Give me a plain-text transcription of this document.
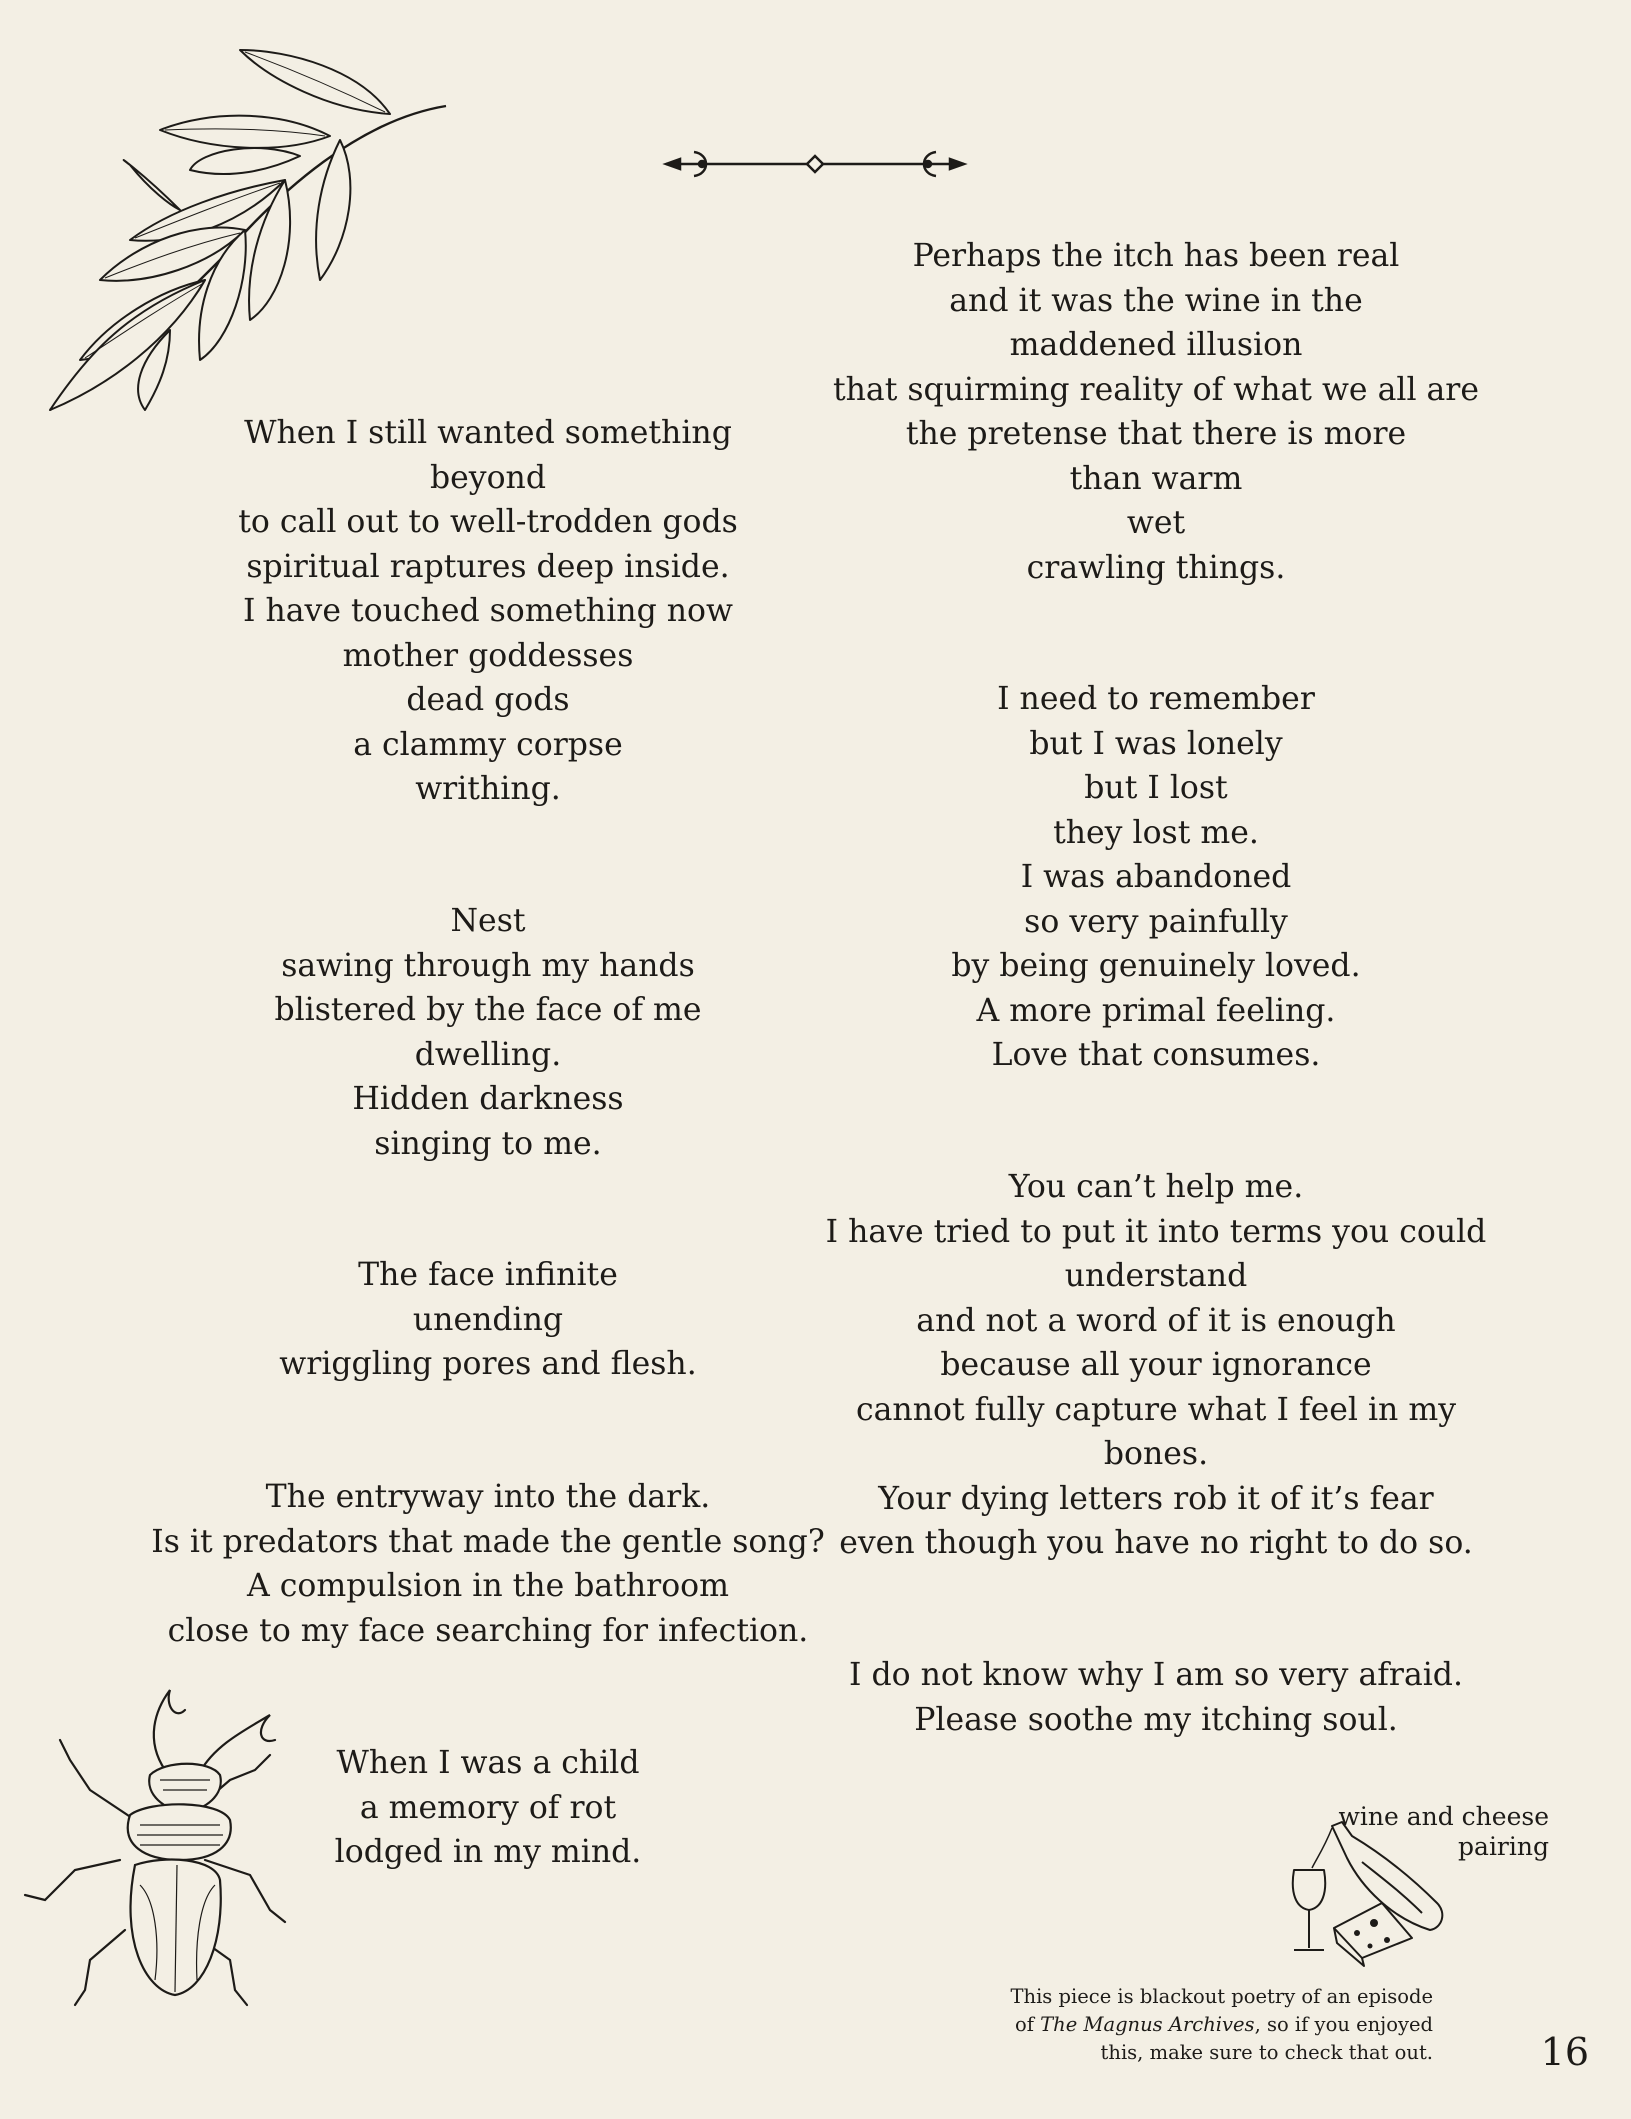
When I still wanted something
beyond
to call out to well-trodden gods
spiritual raptures deep inside.
I have touched something now
mother goddesses
dead gods
a clammy corpse
writhing.
Nest
sawing through my hands
blistered by the face of me
dwelling.
Hidden darkness
singing to me.
The face infinite
unending
wriggling pores and flesh.
The entryway into the dark.
Is it predators that made the gentle song?
A compulsion in the bathroom
close to my face searching for infection.
When I was a child
a memory of rot
lodged in my mind.
Perhaps the itch has been real
and it was the wine in the
maddened illusion
that squirming reality of what we all are
the pretense that there is more
than warm
wet
crawling things.
I need to remember
but I was lonely
but I lost
they lost me.
I was abandoned
so very painfully
by being genuinely loved.
A more primal feeling.
Love that consumes.
You can’t help me.
I have tried to put it into terms you could
understand
and not a word of it is enough
because all your ignorance
cannot fully capture what I feel in my
bones.
Your dying letters rob it of it’s fear
even though you have no right to do so.
I do not know why I am so very afraid.
Please soothe my itching soul.
wine and cheese
pairing
This piece is blackout poetry of an episode
of The Magnus Archives, so if you enjoyed
this, make sure to check that out.	16
